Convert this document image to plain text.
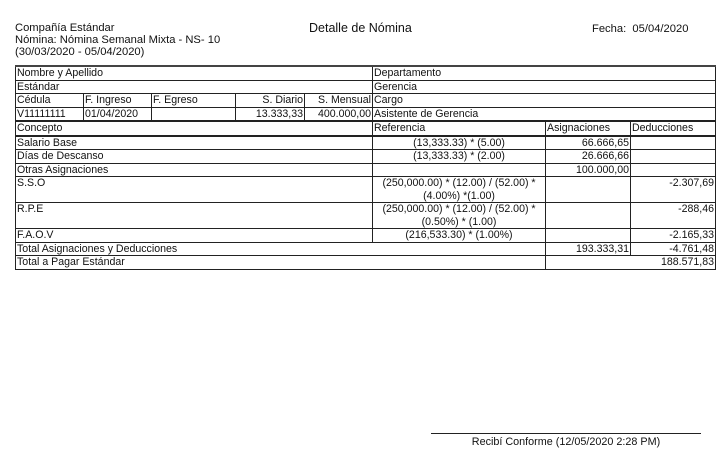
Compañía Estándar
Nómina: Nómina Semanal Mixta - NS- 10
(30/03/2020 - 05/04/2020)
Detalle de Nómina	Fecha: 05/04/2020
Nombre y Apellido					Departamento		
Estándar					Gerencia		
Cédula	F. Ingreso	F. Egreso	S. Diario	S. Mensual	Cargo		
V11111111	01/04/2020		13.333,33	400.000,00	Asistente de Gerencia		
Concepto					Referencia	Asignaciones	Deducciones
Salario Base					(13,333.33) * (5.00)	66.666,65	
Días de Descanso					(13,333.33) * (2.00)	26.666,66	
Otras Asignaciones						100.000,00	
S.S.O					(250,000.00) * (12.00) / (52.00) * (4.00%) *(1.00)		-2.307,69
R.P.E					(250,000.00) * (12.00) / (52.00) * (0.50%) * (1.00)		-288,46
F.A.O.V					(216,533.30) * (1.00%)		-2.165,33
Total Asignaciones y Deducciones						193.333,31	-4.761,48
Total a Pagar Estándar						188.571,83	
Recibí Conforme (12/05/2020 2:28 PM)
